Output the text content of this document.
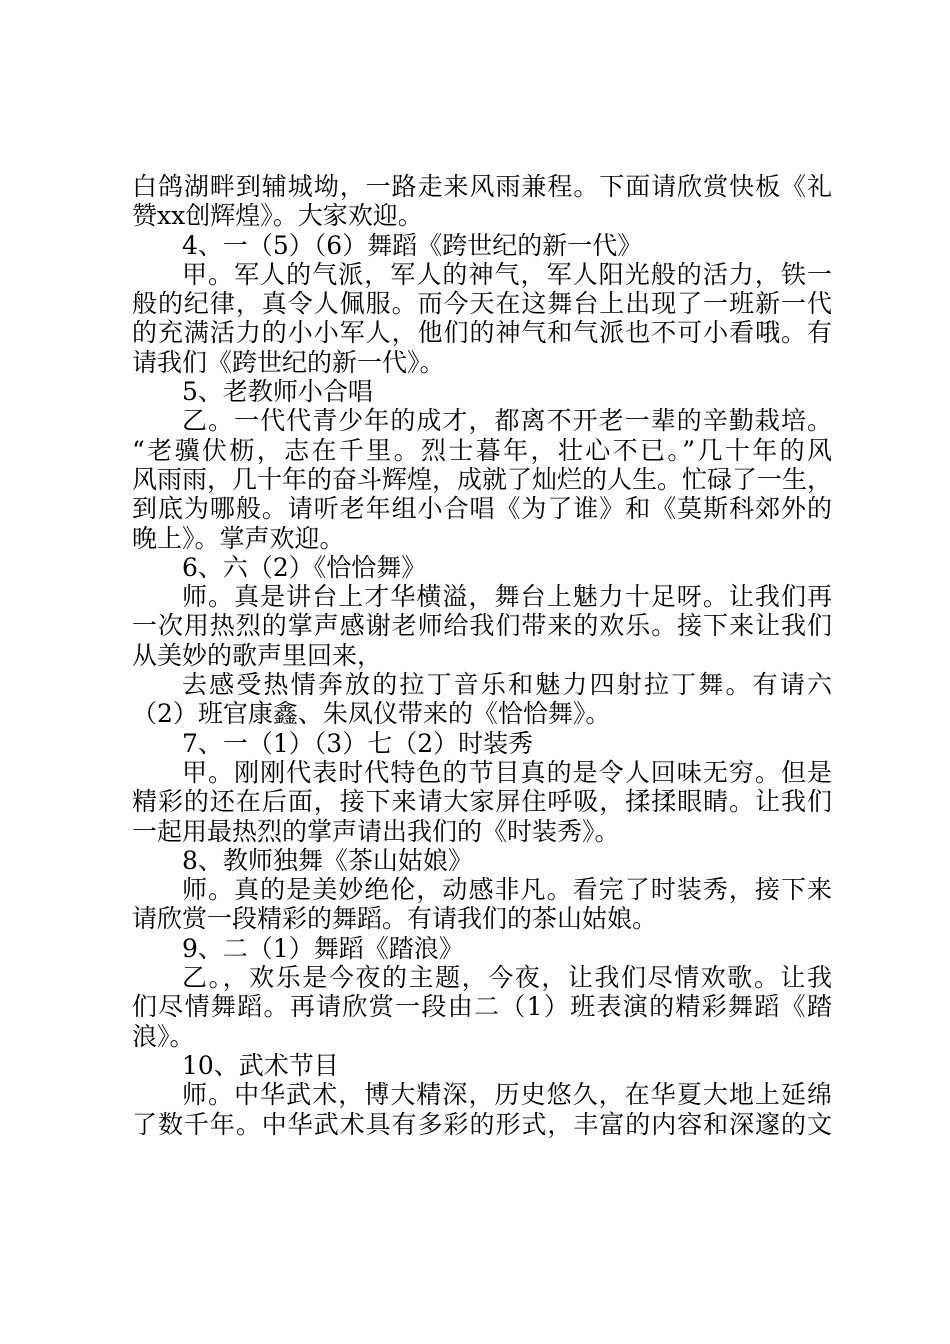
白鸽湖畔到辅城坳，一路走来风雨兼程。下面请欣赏快板《礼
赞xx创辉煌》。大家欢迎。
4、一（5）（6）舞蹈《跨世纪的新一代》
甲。军人的气派，军人的神气，军人阳光般的活力，铁一
般的纪律，真令人佩服。而今天在这舞台上出现了一班新一代
的充满活力的小小军人，他们的神气和气派也不可小看哦。有
请我们《跨世纪的新一代》。
5、老教师小合唱
乙。一代代青少年的成才，都离不开老一辈的辛勤栽培。
“老骥伏枥，志在千里。烈士暮年，壮心不已。”几十年的风
风雨雨，几十年的奋斗辉煌，成就了灿烂的人生。忙碌了一生，
到底为哪般。请听老年组小合唱《为了谁》和《莫斯科郊外的
晚上》。掌声欢迎。
6、六（2）《恰恰舞》
师。真是讲台上才华横溢，舞台上魅力十足呀。让我们再
一次用热烈的掌声感谢老师给我们带来的欢乐。接下来让我们
从美妙的歌声里回来，
去感受热情奔放的拉丁音乐和魅力四射拉丁舞。有请六
（2）班官康鑫、朱凤仪带来的《恰恰舞》。
7、一（1）（3）七（2）时装秀
甲。刚刚代表时代特色的节目真的是令人回味无穷。但是
精彩的还在后面，接下来请大家屏住呼吸，揉揉眼睛。让我们
一起用最热烈的掌声请出我们的《时装秀》。
8、教师独舞《茶山姑娘》
师。真的是美妙绝伦，动感非凡。看完了时装秀，接下来
请欣赏一段精彩的舞蹈。有请我们的茶山姑娘。
9、二（1）舞蹈《踏浪》
乙。，欢乐是今夜的主题，今夜，让我们尽情欢歌。让我
们尽情舞蹈。再请欣赏一段由二（1）班表演的精彩舞蹈《踏
浪》。
10、武术节目
师。中华武术，博大精深，历史悠久，在华夏大地上延绵
了数千年。中华武术具有多彩的形式，丰富的内容和深邃的文
